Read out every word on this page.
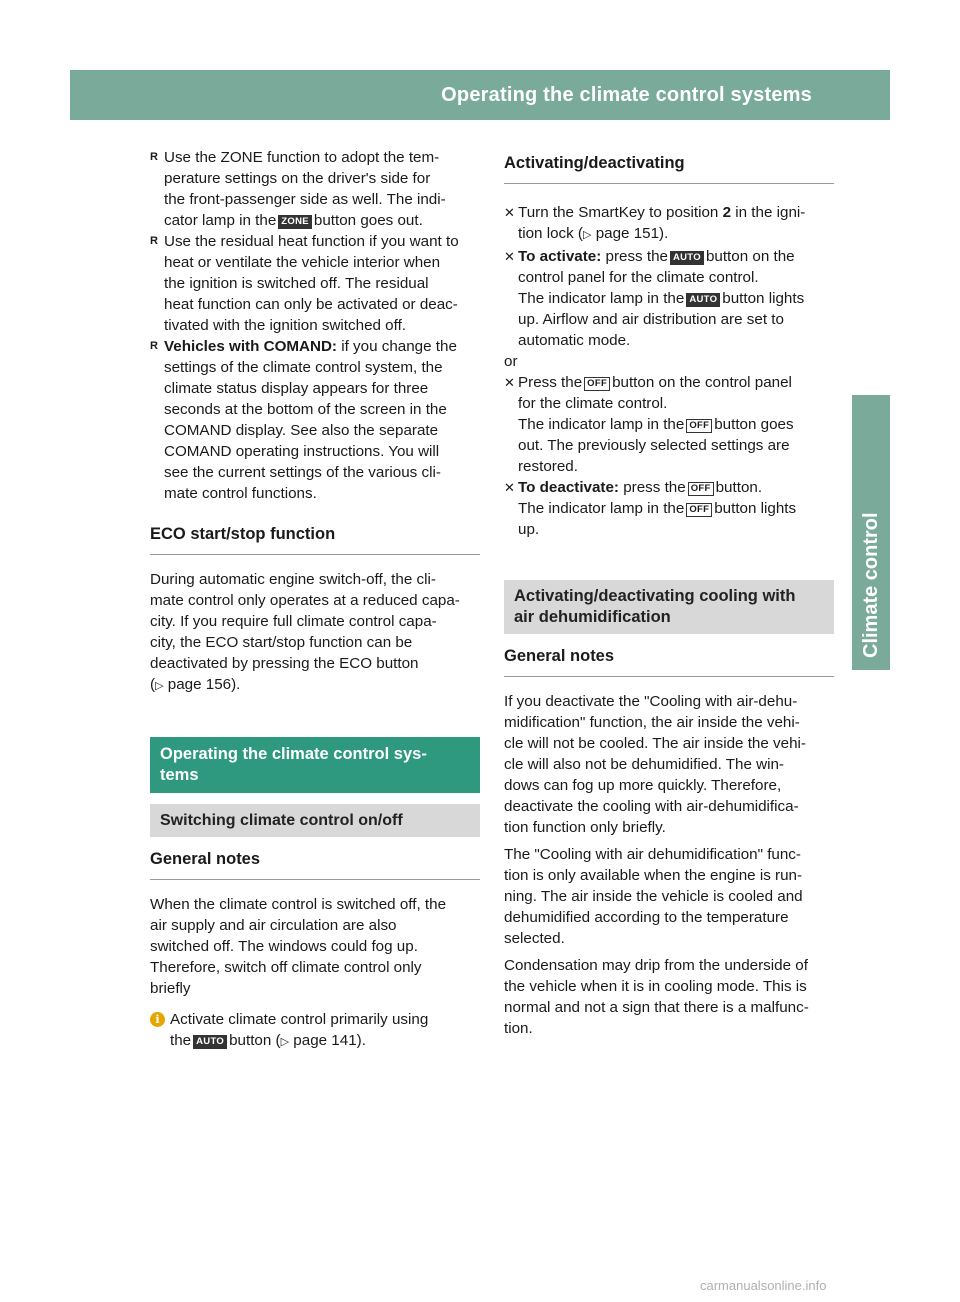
Operating the climate control systems	139
Climate control
R Use the ZONE function to adopt the tem-
perature settings on the driver's side for
the front-passenger side as well. The indi-
cator lamp in the ZONE button goes out.
R Use the residual heat function if you want to
heat or ventilate the vehicle interior when
the ignition is switched off. The residual
heat function can only be activated or deac-
tivated with the ignition switched off.
R Vehicles with COMAND: if you change the
settings of the climate control system, the
climate status display appears for three
seconds at the bottom of the screen in the
COMAND display. See also the separate
COMAND operating instructions. You will
see the current settings of the various cli-
mate control functions.
ECO start/stop function
During automatic engine switch-off, the cli-
mate control only operates at a reduced capa-
city. If you require full climate control capa-
city, the ECO start/stop function can be
deactivated by pressing the ECO button
(▷ page 156).
Operating the climate control sys-
tems
Switching climate control on/off
General notes
When the climate control is switched off, the
air supply and air circulation are also
switched off. The windows could fog up.
Therefore, switch off climate control only
briefly
i Activate climate control primarily using
the AUTO button (▷ page 141).
Activating/deactivating
✕ Turn the SmartKey to position 2 in the igni-
tion lock (▷ page 151).
✕ To activate: press the AUTO button on the
control panel for the climate control.
The indicator lamp in the AUTO button lights
up. Airflow and air distribution are set to
automatic mode.
or
✕ Press the OFF button on the control panel
for the climate control.
The indicator lamp in the OFF button goes
out. The previously selected settings are
restored.
✕ To deactivate: press the OFF button.
The indicator lamp in the OFF button lights
up.
Activating/deactivating cooling with
air dehumidification
General notes
If you deactivate the "Cooling with air-dehu-
midification" function, the air inside the vehi-
cle will not be cooled. The air inside the vehi-
cle will also not be dehumidified. The win-
dows can fog up more quickly. Therefore,
deactivate the cooling with air-dehumidifica-
tion function only briefly.
The "Cooling with air dehumidification" func-
tion is only available when the engine is run-
ning. The air inside the vehicle is cooled and
dehumidified according to the temperature
selected.
Condensation may drip from the underside of
the vehicle when it is in cooling mode. This is
normal and not a sign that there is a malfunc-
tion.
carmanualsonline.info
